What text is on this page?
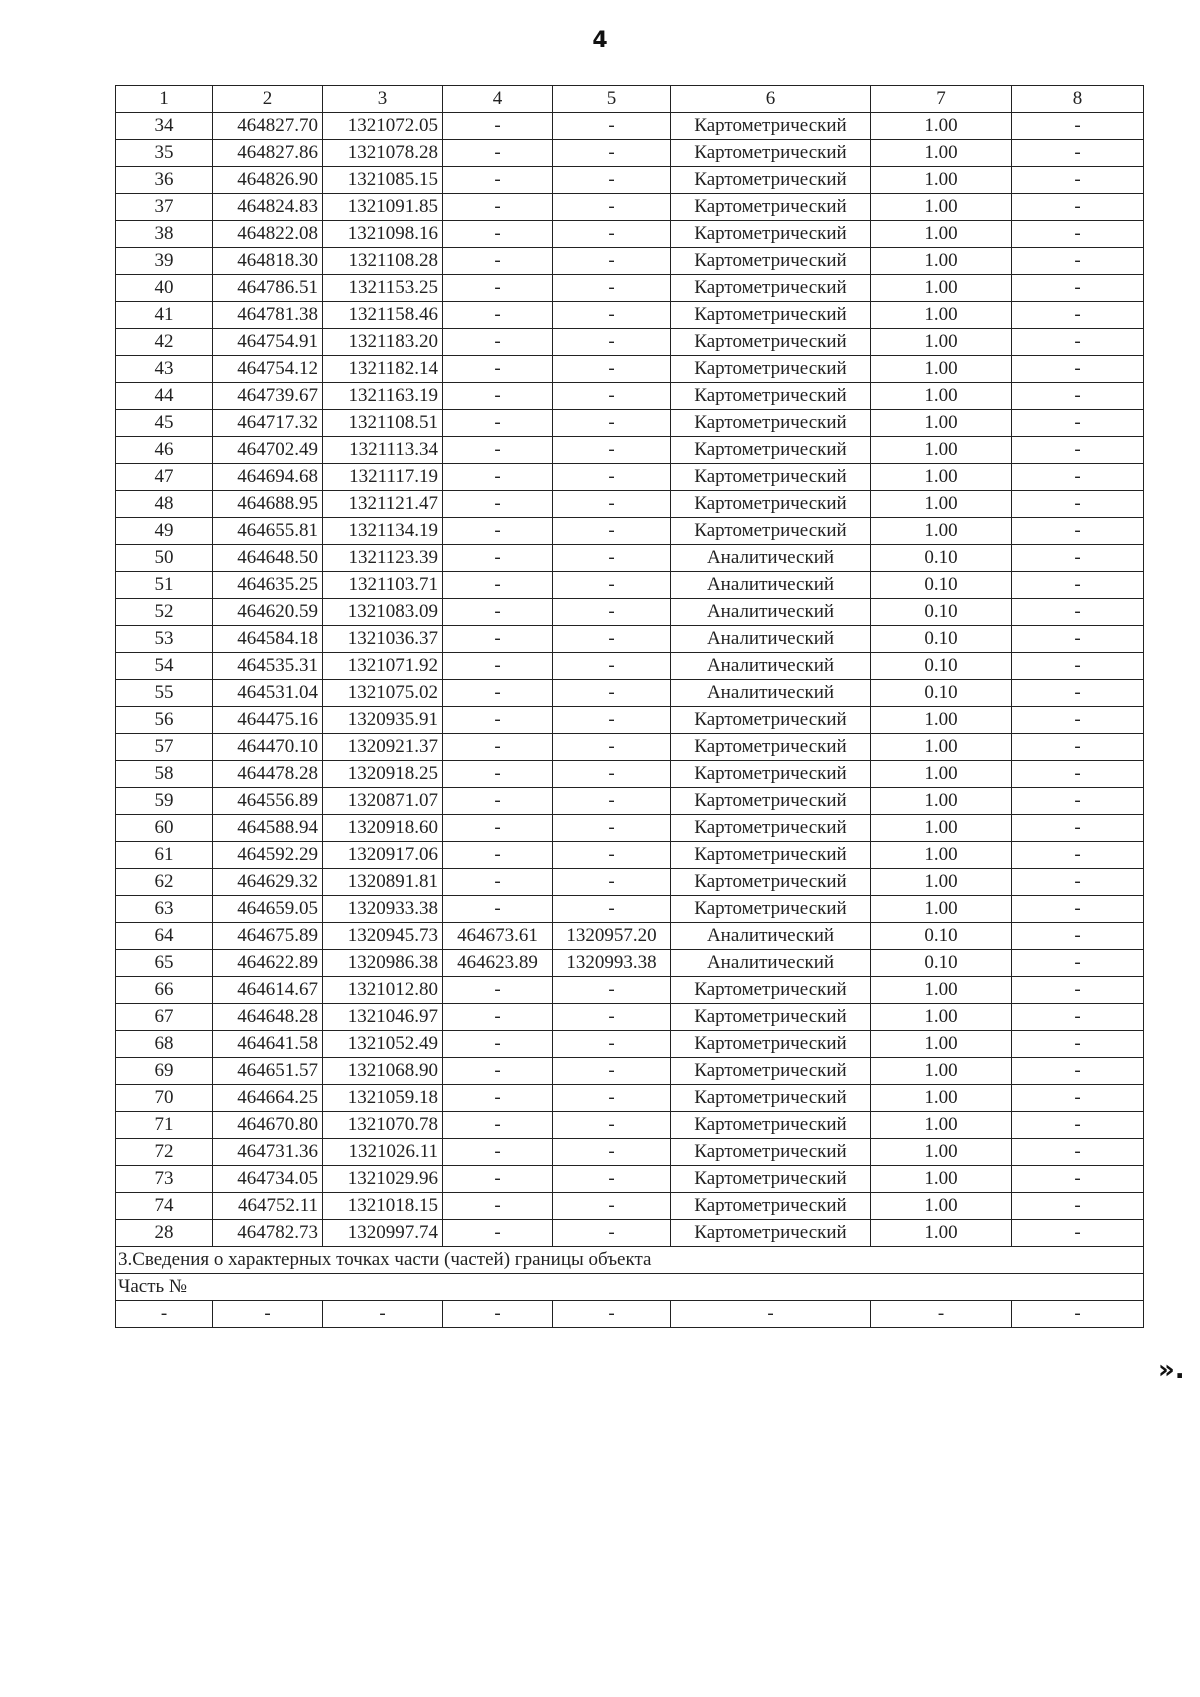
4
1	2	3	4	5	6	7	8
34	464827.70	1321072.05	-	-	Картометрический	1.00	-
35	464827.86	1321078.28	-	-	Картометрический	1.00	-
36	464826.90	1321085.15	-	-	Картометрический	1.00	-
37	464824.83	1321091.85	-	-	Картометрический	1.00	-
38	464822.08	1321098.16	-	-	Картометрический	1.00	-
39	464818.30	1321108.28	-	-	Картометрический	1.00	-
40	464786.51	1321153.25	-	-	Картометрический	1.00	-
41	464781.38	1321158.46	-	-	Картометрический	1.00	-
42	464754.91	1321183.20	-	-	Картометрический	1.00	-
43	464754.12	1321182.14	-	-	Картометрический	1.00	-
44	464739.67	1321163.19	-	-	Картометрический	1.00	-
45	464717.32	1321108.51	-	-	Картометрический	1.00	-
46	464702.49	1321113.34	-	-	Картометрический	1.00	-
47	464694.68	1321117.19	-	-	Картометрический	1.00	-
48	464688.95	1321121.47	-	-	Картометрический	1.00	-
49	464655.81	1321134.19	-	-	Картометрический	1.00	-
50	464648.50	1321123.39	-	-	Аналитический	0.10	-
51	464635.25	1321103.71	-	-	Аналитический	0.10	-
52	464620.59	1321083.09	-	-	Аналитический	0.10	-
53	464584.18	1321036.37	-	-	Аналитический	0.10	-
54	464535.31	1321071.92	-	-	Аналитический	0.10	-
55	464531.04	1321075.02	-	-	Аналитический	0.10	-
56	464475.16	1320935.91	-	-	Картометрический	1.00	-
57	464470.10	1320921.37	-	-	Картометрический	1.00	-
58	464478.28	1320918.25	-	-	Картометрический	1.00	-
59	464556.89	1320871.07	-	-	Картометрический	1.00	-
60	464588.94	1320918.60	-	-	Картометрический	1.00	-
61	464592.29	1320917.06	-	-	Картометрический	1.00	-
62	464629.32	1320891.81	-	-	Картометрический	1.00	-
63	464659.05	1320933.38	-	-	Картометрический	1.00	-
64	464675.89	1320945.73	464673.61	1320957.20	Аналитический	0.10	-
65	464622.89	1320986.38	464623.89	1320993.38	Аналитический	0.10	-
66	464614.67	1321012.80	-	-	Картометрический	1.00	-
67	464648.28	1321046.97	-	-	Картометрический	1.00	-
68	464641.58	1321052.49	-	-	Картометрический	1.00	-
69	464651.57	1321068.90	-	-	Картометрический	1.00	-
70	464664.25	1321059.18	-	-	Картометрический	1.00	-
71	464670.80	1321070.78	-	-	Картометрический	1.00	-
72	464731.36	1321026.11	-	-	Картометрический	1.00	-
73	464734.05	1321029.96	-	-	Картометрический	1.00	-
74	464752.11	1321018.15	-	-	Картометрический	1.00	-
28	464782.73	1320997.74	-	-	Картометрический	1.00	-
3.Сведения о характерных точках части (частей) границы объекта							
Часть №							
-	-	-	-	-	-	-	-
».
